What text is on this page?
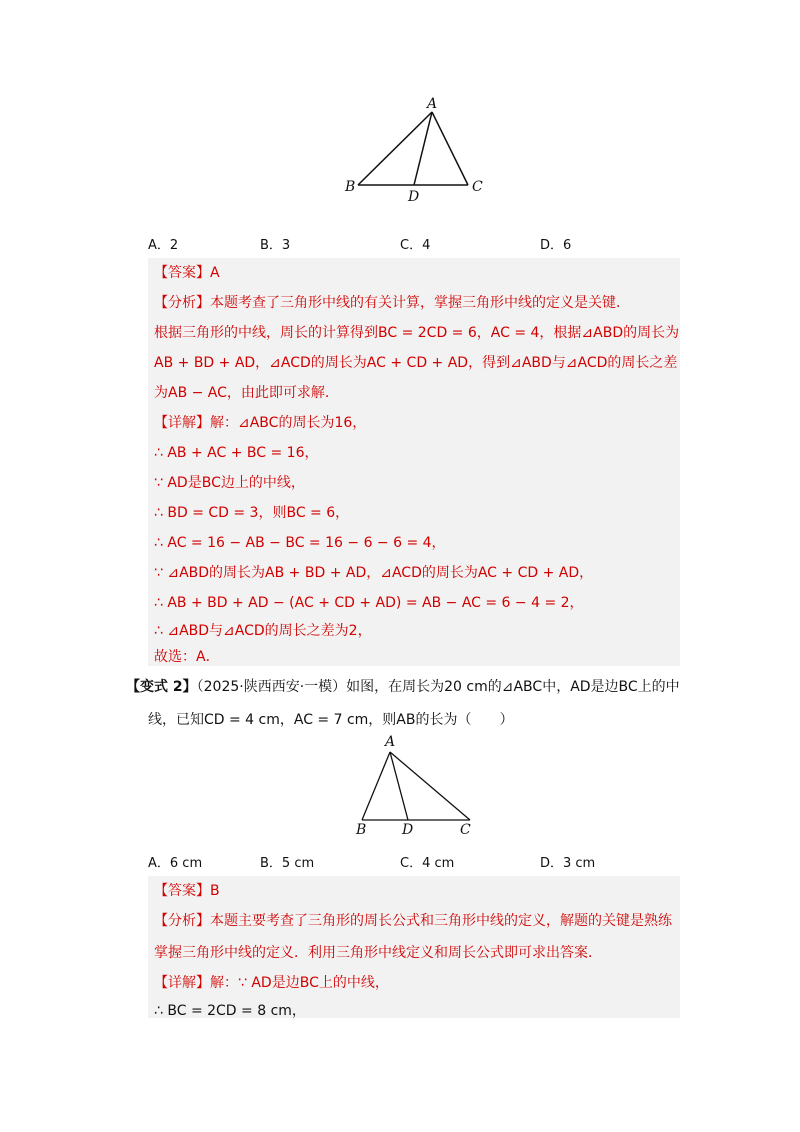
A
B	C
D
A．2	B．3	C．4	D．6
【答案】A
【分析】本题考查了三角形中线的有关计算，掌握三角形中线的定义是关键．
根据三角形的中线，周长的计算得到BC = 2CD = 6，AC = 4，根据⊿ABD的周长为
AB + BD + AD，⊿ACD的周长为AC + CD + AD，得到⊿ABD与⊿ACD的周长之差
为AB − AC，由此即可求解．
【详解】解：⊿ABC的周长为16，
∴ AB + AC + BC = 16，
∵ AD是BC边上的中线，
∴ BD = CD = 3，则BC = 6，
∴ AC = 16 − AB − BC = 16 − 6 − 6 = 4，
∵ ⊿ABD的周长为AB + BD + AD，⊿ACD的周长为AC + CD + AD，
∴ AB + BD + AD − (AC + CD + AD) = AB − AC = 6 − 4 = 2，
∴ ⊿ABD与⊿ACD的周长之差为2，
故选：A．
【变式 2】（2025·陕西西安·一模）如图，在周长为20 cm的⊿ABC中，AD是边BC上的中
线，已知CD = 4 cm，AC = 7 cm，则AB的长为（　　）
A
B	C
D
A．6 cm	B．5 cm	C．4 cm	D．3 cm
【答案】B
【分析】本题主要考查了三角形的周长公式和三角形中线的定义，解题的关键是熟练
掌握三角形中线的定义．利用三角形中线定义和周长公式即可求出答案．
【详解】解：∵ AD是边BC上的中线，
∴ BC = 2CD = 8 cm，
